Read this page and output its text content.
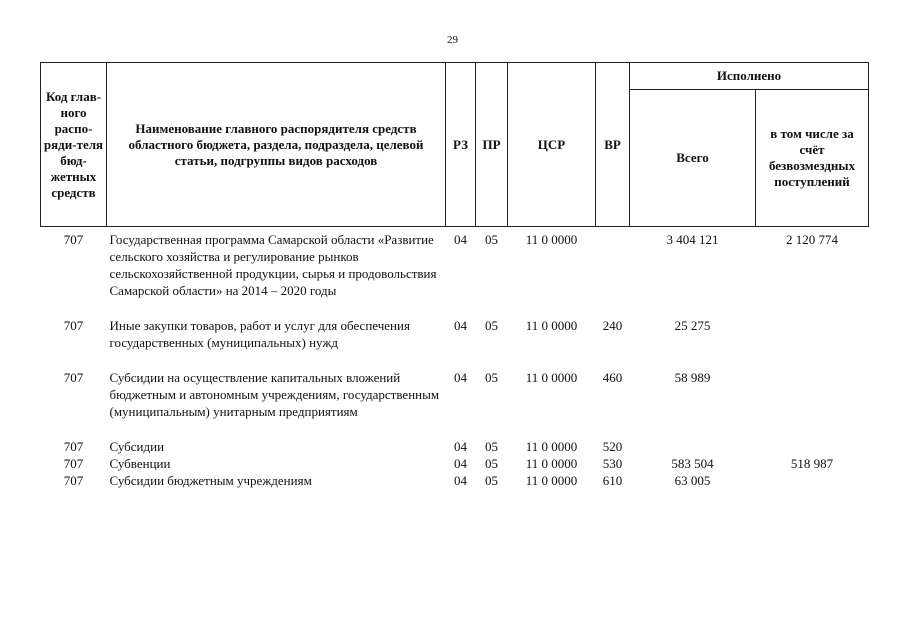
29
Код глав-ного распо-ряди-теля бюд-жетных средств	Наименование главного распорядителя средств областного бюджета, раздела, подраздела, целевой статьи, подгруппы видов расходов	РЗ	ПР	ЦСР	ВР	Исполнено	
						Всего	в том числе за счёт безвозмездных поступлений
707	Государственная программа Самарской области «Развитие сельского хозяйства и регулирование рынков сельскохозяйственной продукции, сырья и продовольствия Самарской области» на 2014 – 2020 годы	04	05	11 0 0000		3 404 121	2 120 774
707	Иные закупки товаров, работ и услуг для обеспечения государственных (муниципальных) нужд	04	05	11 0 0000	240	25 275	
707	Субсидии на осуществление капитальных вложений бюджетным и автономным учреждениям, государственным (муниципальным) унитарным предприятиям	04	05	11 0 0000	460	58 989	
707	Субсидии	04	05	11 0 0000	520		
707	Субвенции	04	05	11 0 0000	530	583 504	518 987
707	Субсидии бюджетным учреждениям	04	05	11 0 0000	610	63 005	
